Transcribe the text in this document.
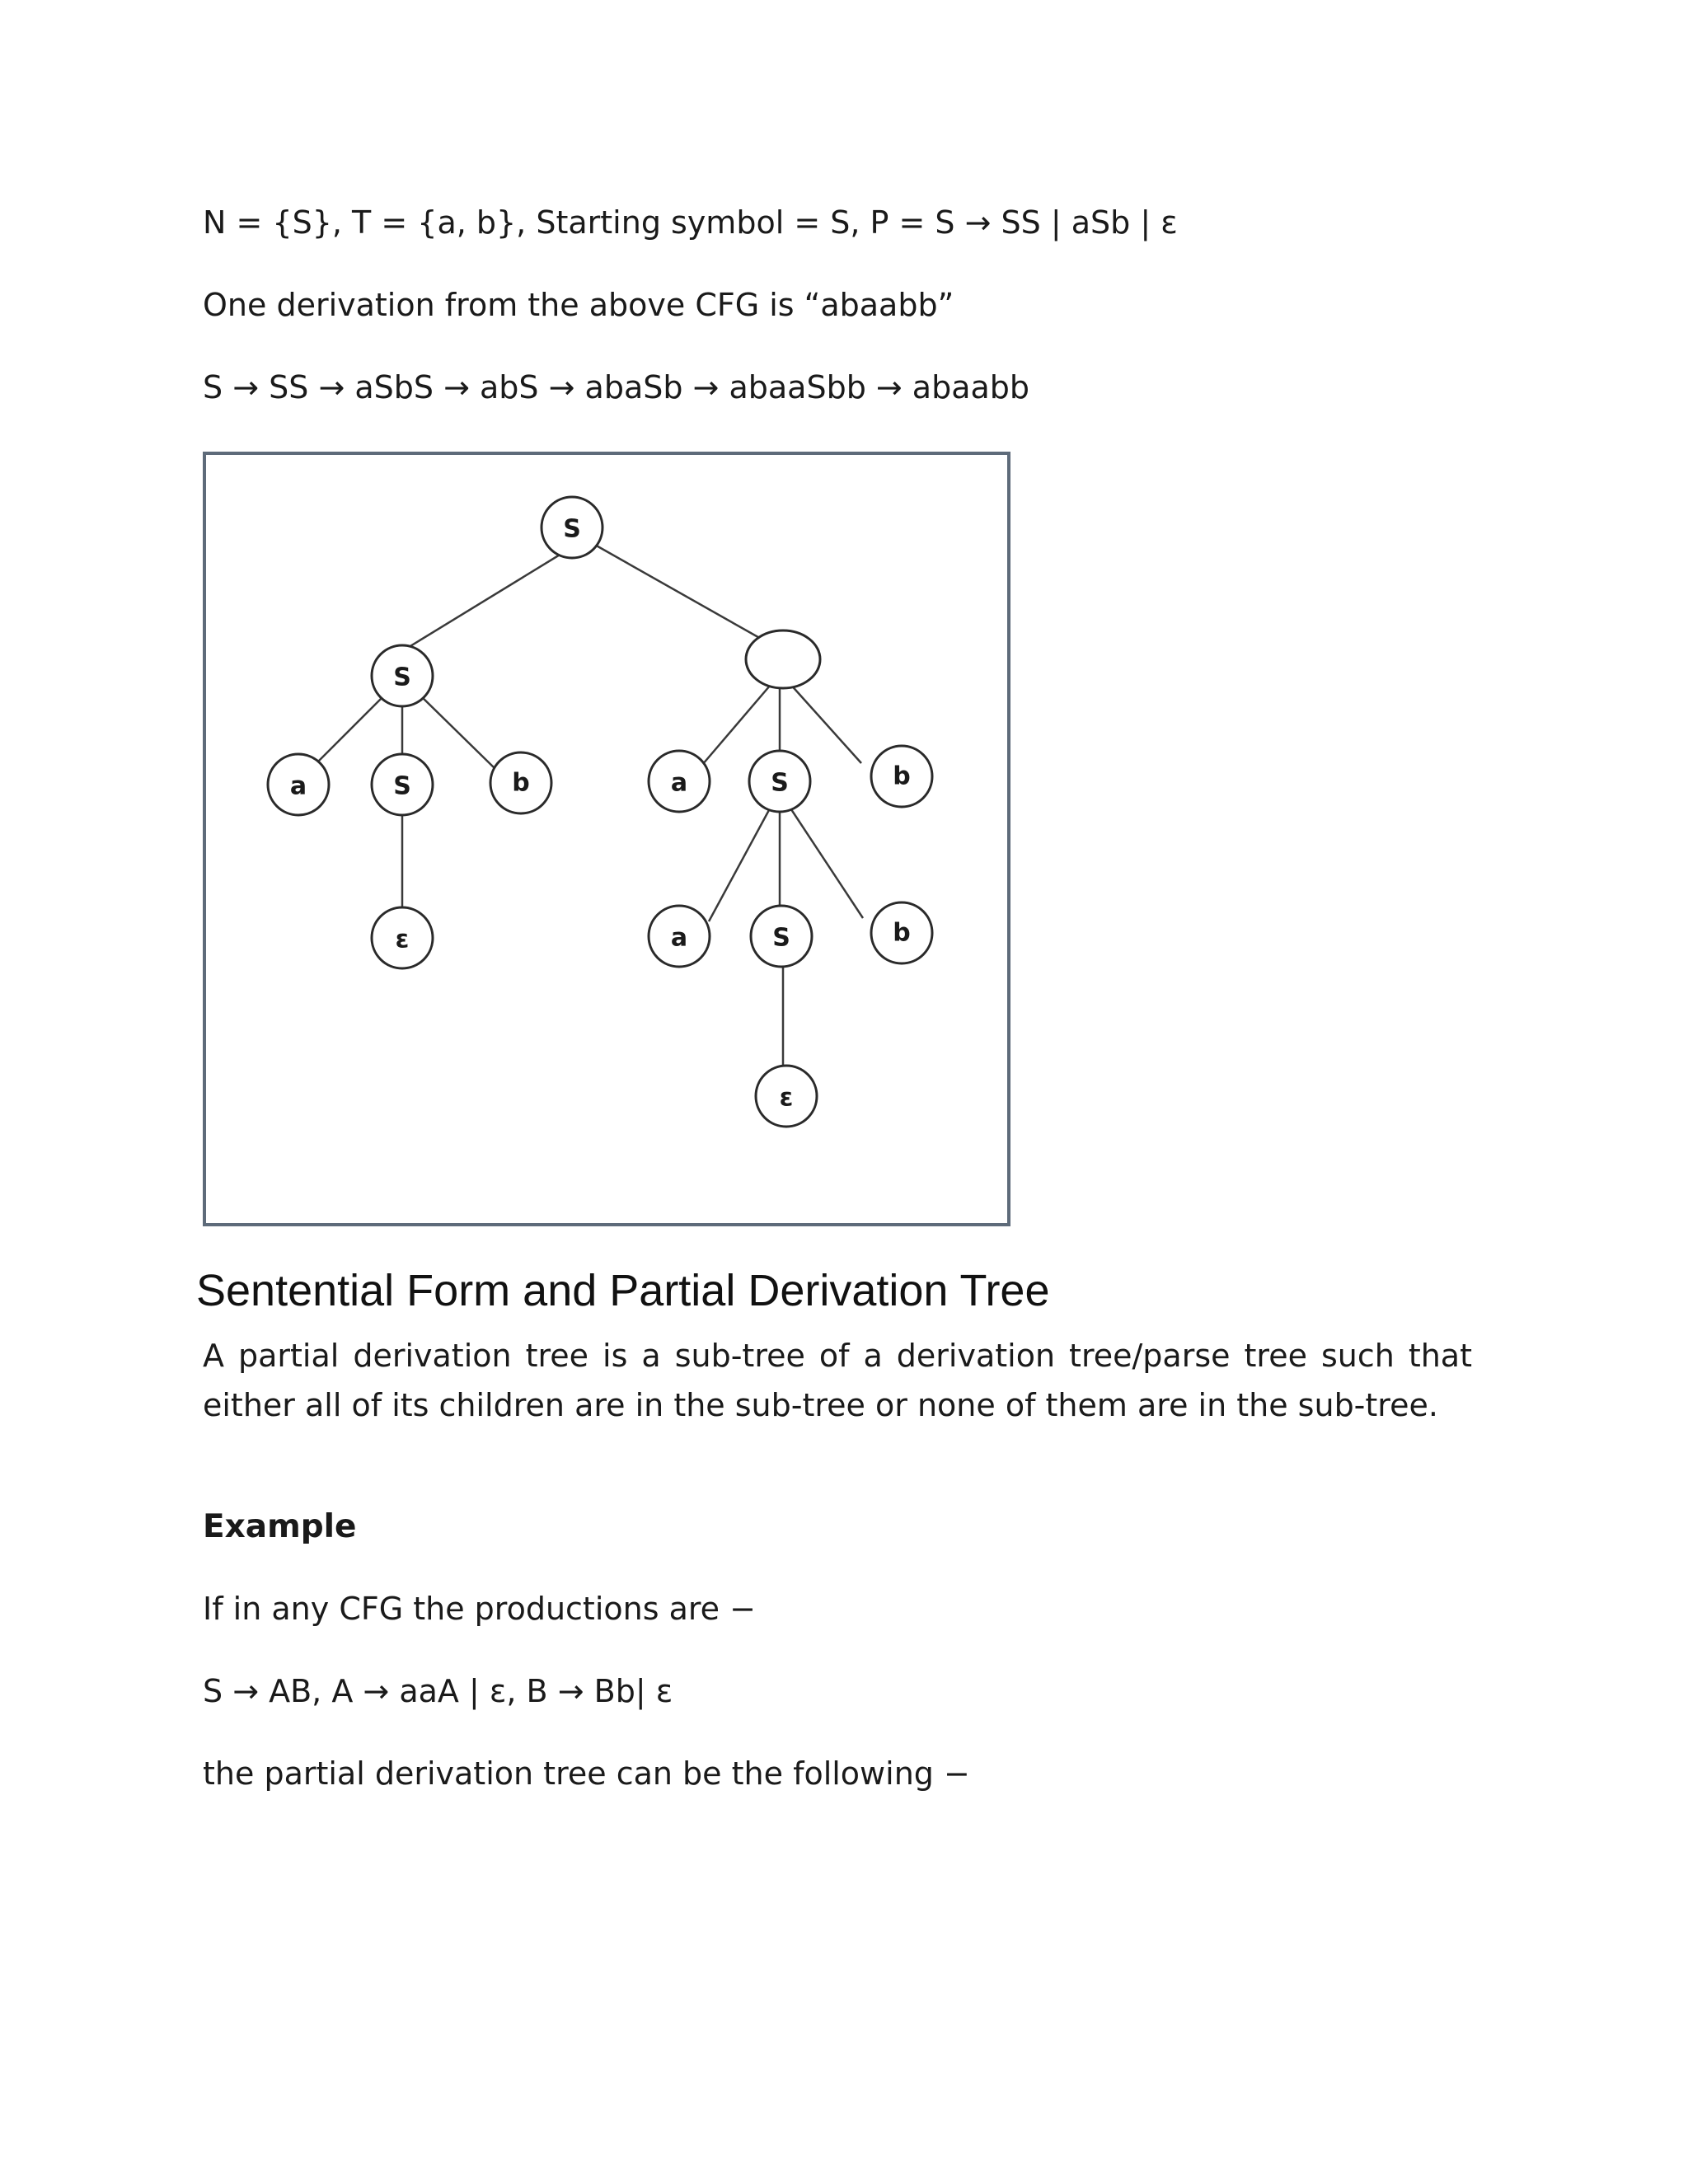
N = {S}, T = {a, b}, Starting symbol = S, P = S → SS | aSb | ε
One derivation from the above CFG is “abaabb”
S → SS → aSbS → abS → abaSb → abaaSbb → abaabb
S
S
a	S	b
ε
a	S	b
a	S	b
ε
Sentential Form and Partial Derivation Tree
A partial derivation tree is a sub-tree of a derivation tree/parse tree such that either all of its children are in the sub-tree or none of them are in the sub-tree.
Example
If in any CFG the productions are −
S → AB, A → aaA | ε, B → Bb| ε
the partial derivation tree can be the following −
